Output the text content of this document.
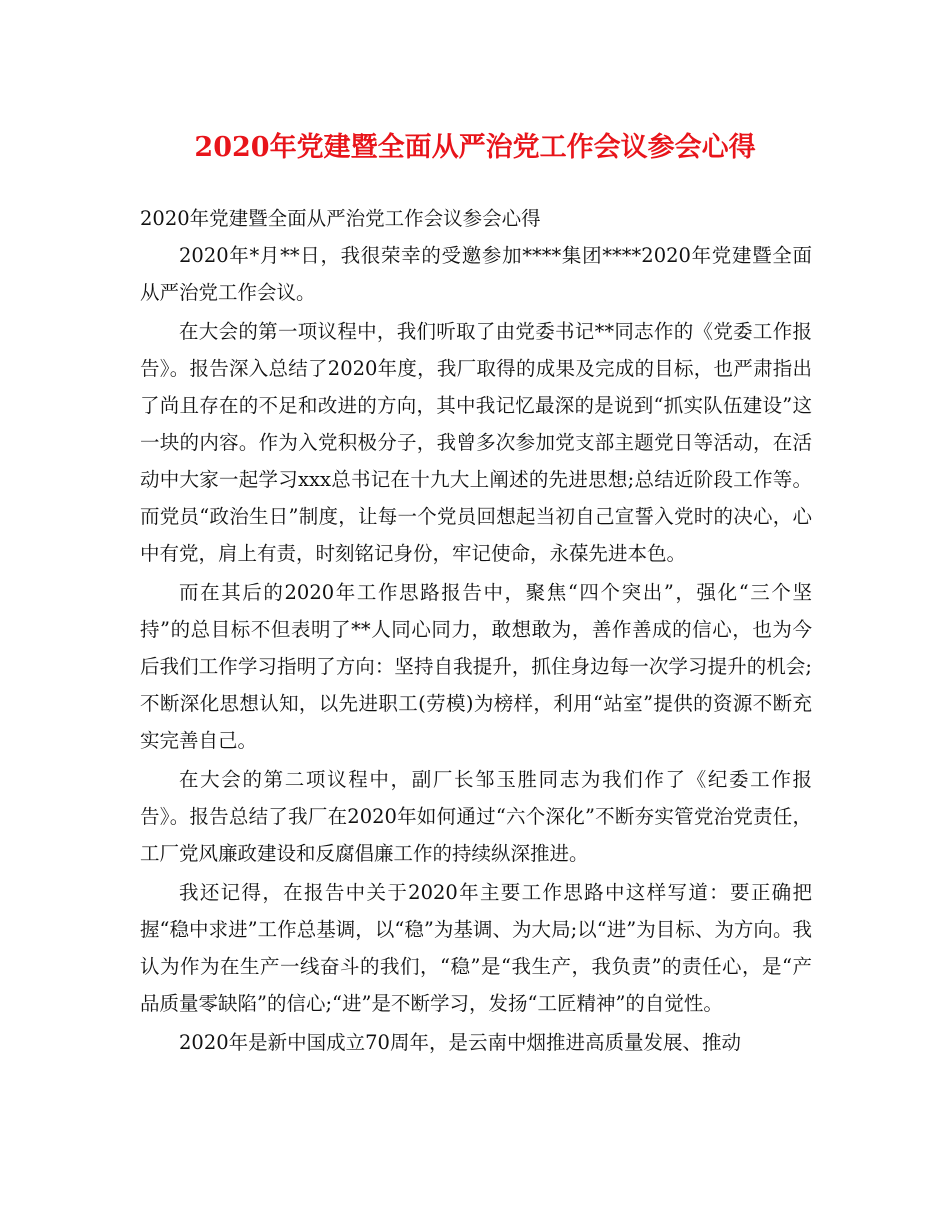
2020年党建暨全面从严治党工作会议参会心得

2020年党建暨全面从严治党工作会议参会心得

2020年*月**日，我很荣幸的受邀参加****集团****2020年党建暨全面从严治党工作会议。

在大会的第一项议程中，我们听取了由党委书记**同志作的《党委工作报告》。报告深入总结了2020年度，我厂取得的成果及完成的目标，也严肃指出了尚且存在的不足和改进的方向，其中我记忆最深的是说到“抓实队伍建设”这一块的内容。作为入党积极分子，我曾多次参加党支部主题党日等活动，在活动中大家一起学习xxx总书记在十九大上阐述的先进思想;总结近阶段工作等。而党员“政治生日”制度，让每一个党员回想起当初自己宣誓入党时的决心，心中有党，肩上有责，时刻铭记身份，牢记使命，永葆先进本色。

而在其后的2020年工作思路报告中，聚焦“四个突出”，强化“三个坚持”的总目标不但表明了**人同心同力，敢想敢为，善作善成的信心，也为今后我们工作学习指明了方向：坚持自我提升，抓住身边每一次学习提升的机会;不断深化思想认知，以先进职工(劳模)为榜样，利用“站室”提供的资源不断充实完善自己。

在大会的第二项议程中，副厂长邹玉胜同志为我们作了《纪委工作报告》。报告总结了我厂在2020年如何通过“六个深化”不断夯实管党治党责任，工厂党风廉政建设和反腐倡廉工作的持续纵深推进。

我还记得，在报告中关于2020年主要工作思路中这样写道：要正确把握“稳中求进”工作总基调，以“稳”为基调、为大局;以“进”为目标、为方向。我认为作为在生产一线奋斗的我们，“稳”是“我生产，我负责”的责任心，是“产品质量零缺陷”的信心;“进”是不断学习，发扬“工匠精神”的自觉性。

2020年是新中国成立70周年，是云南中烟推进高质量发展、推动
